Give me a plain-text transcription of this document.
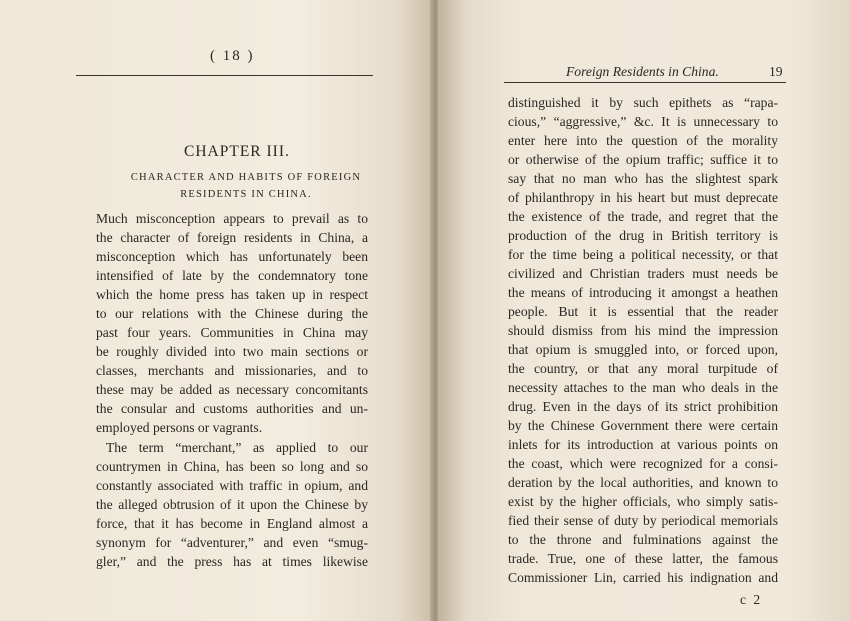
( 18 )
CHAPTER III.
CHARACTER AND HABITS OF FOREIGN
RESIDENTS IN CHINA.
Much misconception appears to prevail as to
the character of foreign residents in China, a
misconception which has unfortunately been
intensified of late by the condemnatory tone
which the home press has taken up in respect
to our relations with the Chinese during the
past four years. Communities in China may
be roughly divided into two main sections or
classes, merchants and missionaries, and to
these may be added as necessary concomitants
the consular and customs authorities and un-
employed persons or vagrants.
The term “merchant,” as applied to our
countrymen in China, has been so long and so
constantly associated with traffic in opium, and
the alleged obtrusion of it upon the Chinese by
force, that it has become in England almost a
synonym for “adventurer,” and even “smug-
gler,” and the press has at times likewise
Foreign Residents in China.	19
distinguished it by such epithets as “rapa-
cious,” “aggressive,” &c. It is unnecessary to
enter here into the question of the morality
or otherwise of the opium traffic; suffice it to
say that no man who has the slightest spark
of philanthropy in his heart but must deprecate
the existence of the trade, and regret that the
production of the drug in British territory is
for the time being a political necessity, or that
civilized and Christian traders must needs be
the means of introducing it amongst a heathen
people. But it is essential that the reader
should dismiss from his mind the impression
that opium is smuggled into, or forced upon,
the country, or that any moral turpitude of
necessity attaches to the man who deals in the
drug. Even in the days of its strict prohibition
by the Chinese Government there were certain
inlets for its introduction at various points on
the coast, which were recognized for a consi-
deration by the local authorities, and known to
exist by the higher officials, who simply satis-
fied their sense of duty by periodical memorials
to the throne and fulminations against the
trade. True, one of these latter, the famous
Commissioner Lin, carried his indignation and
c 2
